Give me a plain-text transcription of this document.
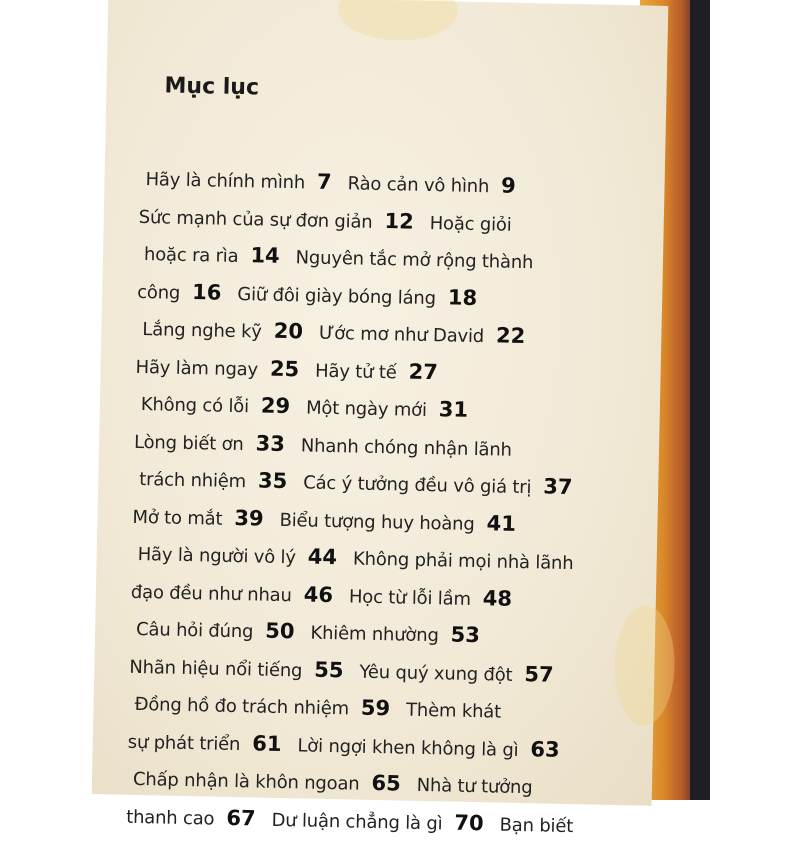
Mục lục
Hãy là chính mình 7 Rào cản vô hình 9
Sức mạnh của sự đơn giản 12 Hoặc giỏi
hoặc ra rìa 14 Nguyên tắc mở rộng thành
công 16 Giữ đôi giày bóng láng 18
Lắng nghe kỹ 20 Ước mơ như David 22
Hãy làm ngay 25 Hãy tử tế 27
Không có lỗi 29 Một ngày mới 31
Lòng biết ơn 33 Nhanh chóng nhận lãnh
trách nhiệm 35 Các ý tưởng đều vô giá trị 37
Mở to mắt 39 Biểu tượng huy hoàng 41
Hãy là người vô lý 44 Không phải mọi nhà lãnh
đạo đều như nhau 46 Học từ lỗi lầm 48
Câu hỏi đúng 50 Khiêm nhường 53
Nhãn hiệu nổi tiếng 55 Yêu quý xung đột 57
Đồng hồ đo trách nhiệm 59 Thèm khát
sự phát triển 61 Lời ngợi khen không là gì 63
Chấp nhận là khôn ngoan 65 Nhà tư tưởng
thanh cao 67 Dư luận chẳng là gì 70 Bạn biết
